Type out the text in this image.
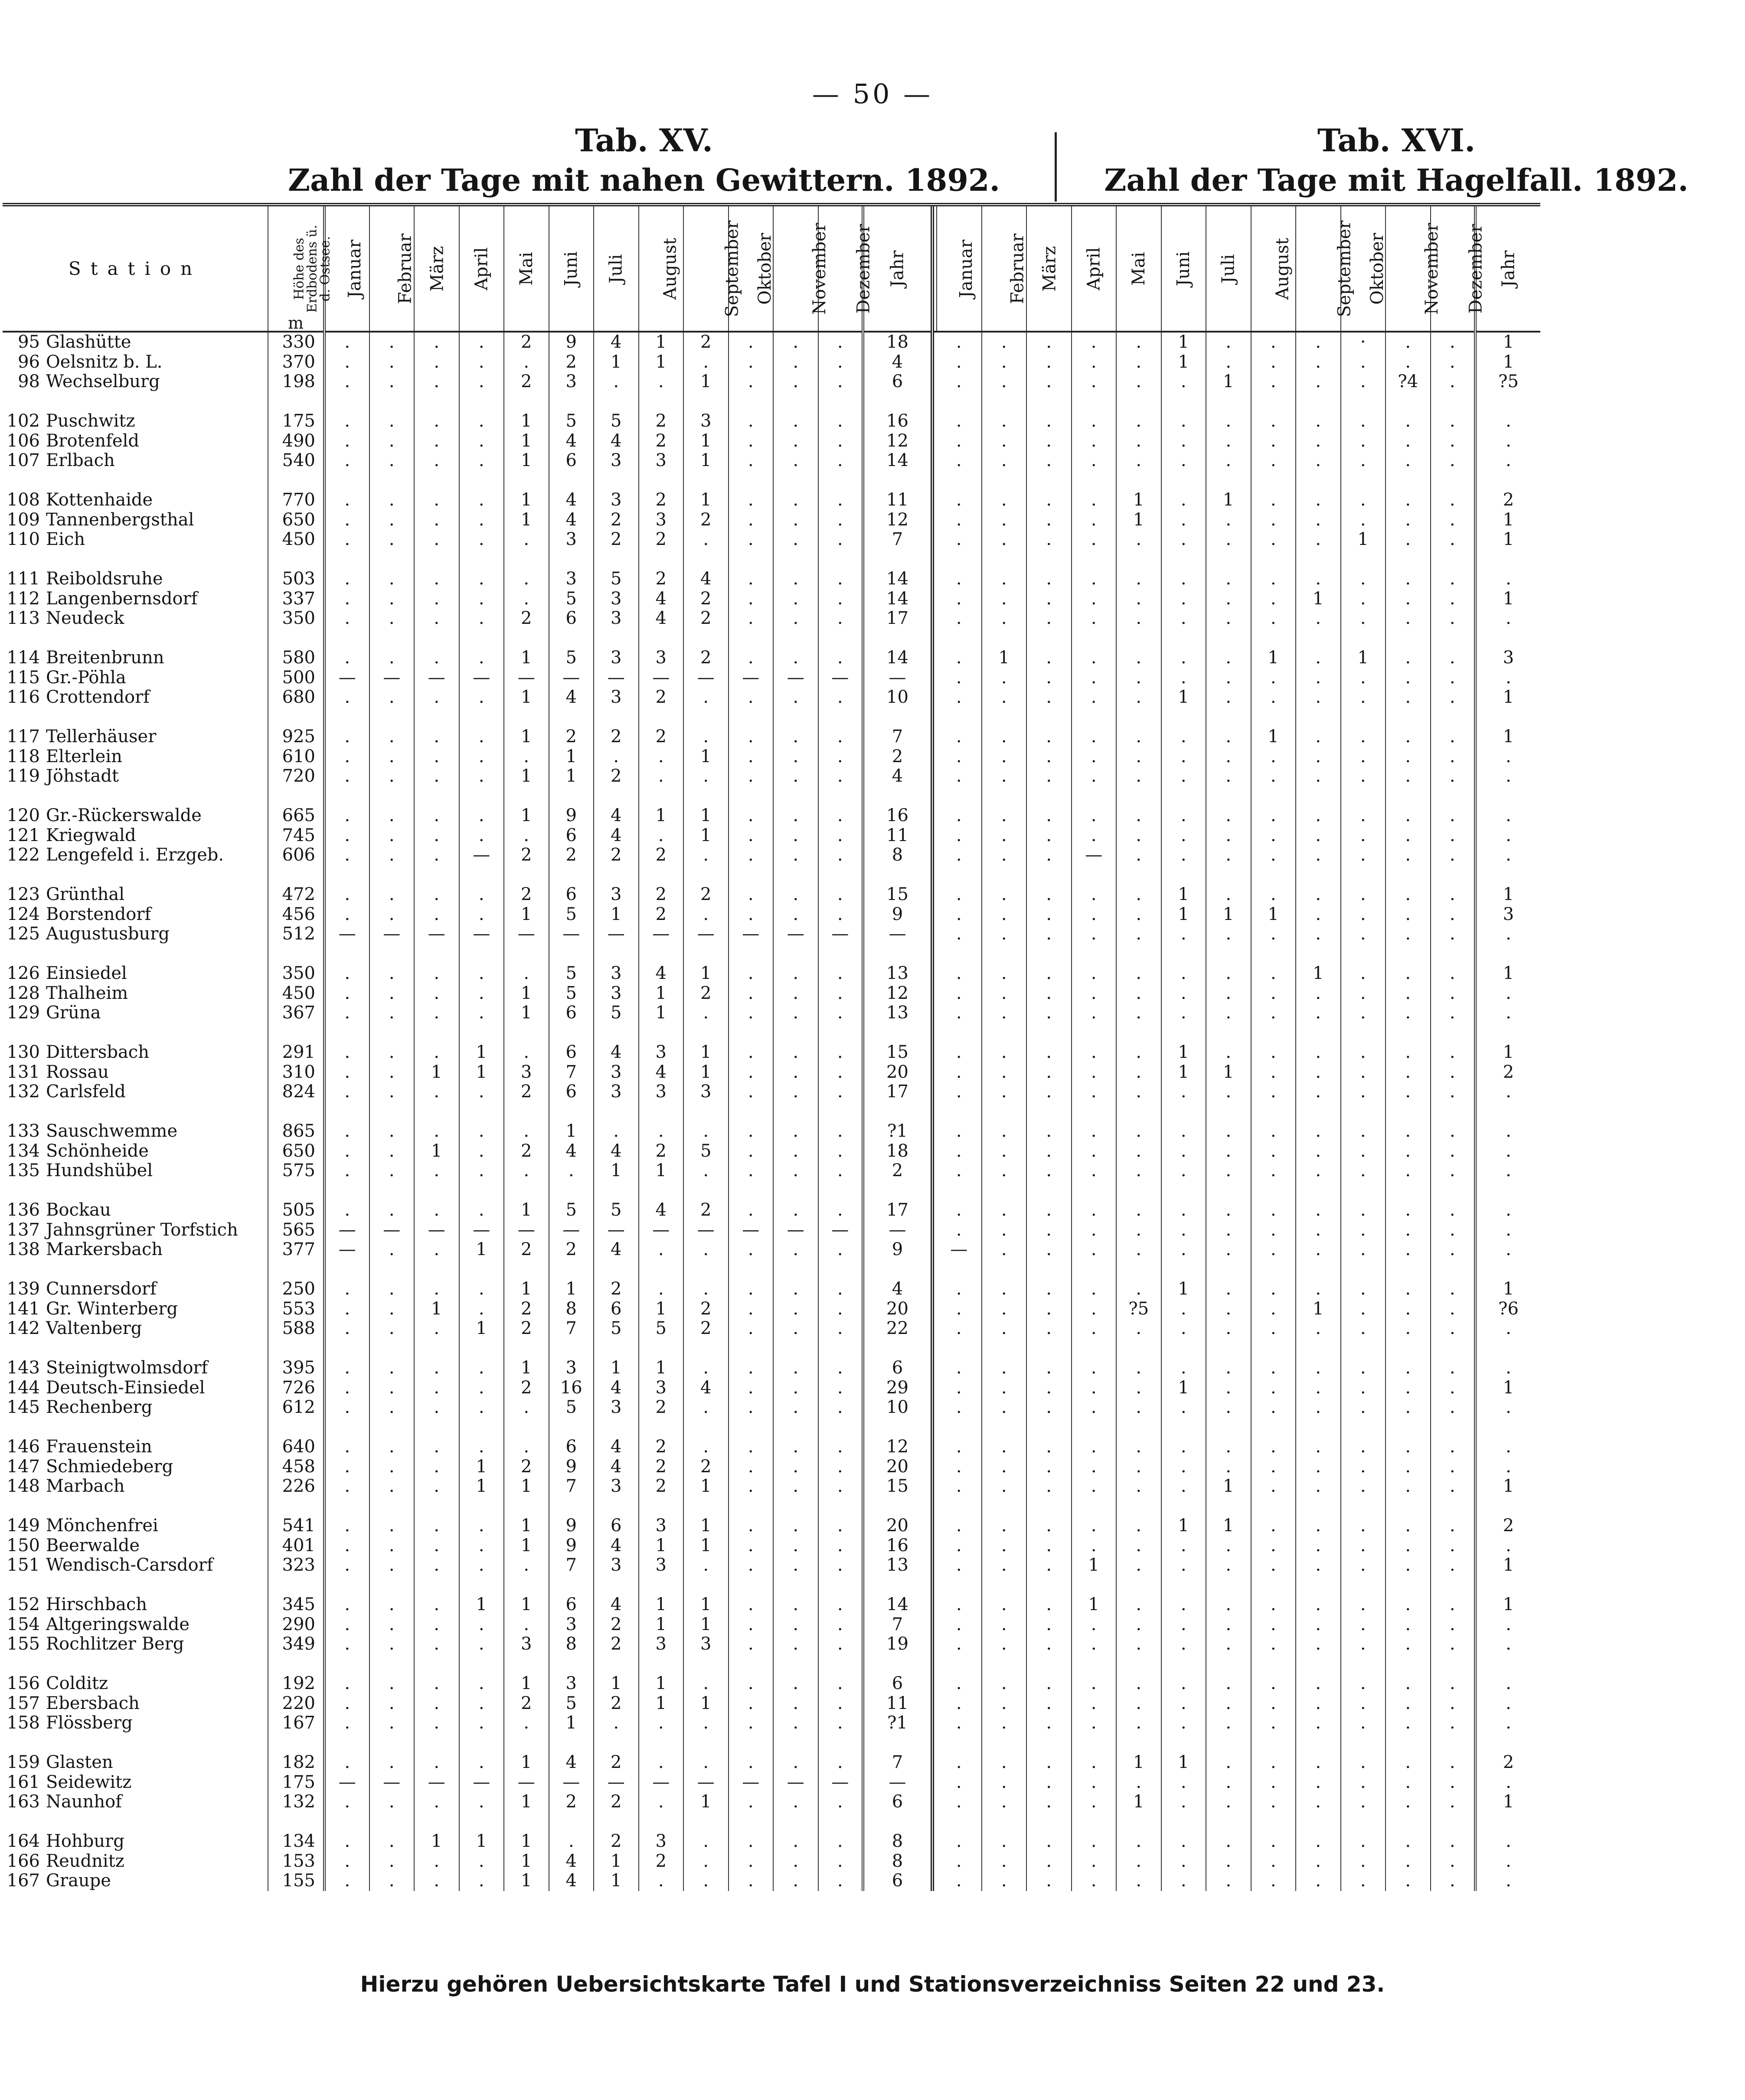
— 50 —
Tab. XV.
Zahl der Tage mit nahen Gewittern. 1892.
Tab. XVI.
Zahl der Tage mit Hagelfall. 1892.
Station	Höhe des
Erdbodens ü.
d. Ostsee.
m	Januar	Februar	März	April	Mai	Juni	Juli	August	September	Oktober	November	Dezember	Jahr		Januar	Februar	März	April	Mai	Juni	Juli	August	September	Oktober	November	Dezember	Jahr
95 Glashütte	330	.	.	.	.	2	9	4	1	2	.	.	.	18		.	.	.	.	.	1	.	.	.	·	.	.	1
96 Oelsnitz b. L.	370	.	.	.	.	.	2	1	1	.	.	.	.	4		.	.	.	.	.	1	.	.	.	.	.	.	1
98 Wechselburg	198	.	.	.	.	2	3	.	.	1	.	.	.	6		.	.	.	.	.	.	1	.	.	.	?4	.	?5

102 Puschwitz	175	.	.	.	.	1	5	5	2	3	.	.	.	16		.	.	.	.	.	.	.	.	.	.	.	.	.
106 Brotenfeld	490	.	.	.	.	1	4	4	2	1	.	.	.	12		.	.	.	.	.	.	.	.	.	.	.	.	.
107 Erlbach	540	.	.	.	.	1	6	3	3	1	.	.	.	14		.	.	.	.	.	.	.	.	.	.	.	.	.

108 Kottenhaide	770	.	.	.	.	1	4	3	2	1	.	.	.	11		.	.	.	.	1	.	1	.	.	.	.	.	2
109 Tannenbergsthal	650	.	.	.	.	1	4	2	3	2	.	.	.	12		.	.	.	.	1	.	.	.	.	.	.	.	1
110 Eich	450	.	.	.	.	.	3	2	2	.	.	.	.	7		.	.	.	.	.	.	.	.	.	1	.	.	1

111 Reiboldsruhe	503	.	.	.	.	.	3	5	2	4	.	.	.	14		.	.	.	.	.	.	.	.	.	.	.	.	.
112 Langenbernsdorf	337	.	.	.	.	.	5	3	4	2	.	.	.	14		.	.	.	.	.	.	.	.	1	.	.	.	1
113 Neudeck	350	.	.	.	.	2	6	3	4	2	.	.	.	17		.	.	.	.	.	.	.	.	.	.	.	.	.

114 Breitenbrunn	580	.	.	.	.	1	5	3	3	2	.	.	.	14		.	1	.	.	.	.	.	1	.	1	.	.	3
115 Gr.-Pöhla	500	—	—	—	—	—	—	—	—	—	—	—	—	—		.	.	.	.	.	.	.	.	.	.	.	.	.
116 Crottendorf	680	.	.	.	.	1	4	3	2	.	.	.	.	10		.	.	.	.	.	1	.	.	.	.	.	.	1

117 Tellerhäuser	925	.	.	.	.	1	2	2	2	.	.	.	.	7		.	.	.	.	.	.	.	1	.	.	.	.	1
118 Elterlein	610	.	.	.	.	.	1	.	.	1	.	.	.	2		.	.	.	.	.	.	.	.	.	.	.	.	.
119 Jöhstadt	720	.	.	.	.	1	1	2	.	.	.	.	.	4		.	.	.	.	.	.	.	.	.	.	.	.	.

120 Gr.-Rückerswalde	665	.	.	.	.	1	9	4	1	1	.	.	.	16		.	.	.	.	.	.	.	.	.	.	.	.	.
121 Kriegwald	745	.	.	.	.	.	6	4	.	1	.	.	.	11		.	.	.	.	.	.	.	.	.	.	.	.	.
122 Lengefeld i. Erzgeb.	606	.	.	.	—	2	2	2	2	.	.	.	.	8		.	.	.	—	.	.	.	.	.	.	.	.	.

123 Grünthal	472	.	.	.	.	2	6	3	2	2	.	.	.	15		.	.	.	.	.	1	.	.	.	.	.	.	1
124 Borstendorf	456	.	.	.	.	1	5	1	2	.	.	.	.	9		.	.	.	.	.	1	1	1	.	.	.	.	3
125 Augustusburg	512	—	—	—	—	—	—	—	—	—	—	—	—	—		.	.	.	.	.	.	.	.	.	.	.	.	.

126 Einsiedel	350	.	.	.	.	.	5	3	4	1	.	.	.	13		.	.	.	.	.	.	.	.	1	.	.	.	1
128 Thalheim	450	.	.	.	.	1	5	3	1	2	.	.	.	12		.	.	.	.	.	.	.	.	.	.	.	.	.
129 Grüna	367	.	.	.	.	1	6	5	1	.	.	.	.	13		.	.	.	.	.	.	.	.	.	.	.	.	.

130 Dittersbach	291	.	.	.	1	.	6	4	3	1	.	.	.	15		.	.	.	.	.	1	.	.	.	.	.	.	1
131 Rossau	310	.	.	1	1	3	7	3	4	1	.	.	.	20		.	.	.	.	.	1	1	.	.	.	.	.	2
132 Carlsfeld	824	.	.	.	.	2	6	3	3	3	.	.	.	17		.	.	.	.	.	.	.	.	.	.	.	.	.

133 Sauschwemme	865	.	.	.	.	.	1	.	.	.	.	.	.	?1		.	.	.	.	.	.	.	.	.	.	.	.	.
134 Schönheide	650	.	.	1	.	2	4	4	2	5	.	.	.	18		.	.	.	.	.	.	.	.	.	.	.	.	.
135 Hundshübel	575	.	.	.	.	.	.	1	1	.	.	.	.	2		.	.	.	.	.	.	.	.	.	.	.	.	.

136 Bockau	505	.	.	.	.	1	5	5	4	2	.	.	.	17		.	.	.	.	.	.	.	.	.	.	.	.	.
137 Jahnsgrüner Torfstich	565	—	—	—	—	—	—	—	—	—	—	—	—	—		.	.	.	.	.	.	.	.	.	.	.	.	.
138 Markersbach	377	—	.	.	1	2	2	4	.	.	.	.	.	9		—	.	.	.	.	.	.	.	.	.	.	.	.

139 Cunnersdorf	250	.	.	.	.	1	1	2	.	.	.	.	.	4		.	.	.	.	.	1	.	.	.	.	.	.	1
141 Gr. Winterberg	553	.	.	1	.	2	8	6	1	2	.	.	.	20		.	.	.	.	?5	.	.	.	1	.	.	.	?6
142 Valtenberg	588	.	.	.	1	2	7	5	5	2	.	.	.	22		.	.	.	.	.	.	.	.	.	.	.	.	.

143 Steinigtwolmsdorf	395	.	.	.	.	1	3	1	1	.	.	.	.	6		.	.	.	.	.	.	.	.	.	.	.	.	.
144 Deutsch-Einsiedel	726	.	.	.	.	2	16	4	3	4	.	.	.	29		.	.	.	.	.	1	.	.	.	.	.	.	1
145 Rechenberg	612	.	.	.	.	.	5	3	2	.	.	.	.	10		.	.	.	.	.	.	.	.	.	.	.	.	.

146 Frauenstein	640	.	.	.	.	.	6	4	2	.	.	.	.	12		.	.	.	.	.	.	.	.	.	.	.	.	.
147 Schmiedeberg	458	.	.	.	1	2	9	4	2	2	.	.	.	20		.	.	.	.	.	.	.	.	.	.	.	.	.
148 Marbach	226	.	.	.	1	1	7	3	2	1	.	.	.	15		.	.	.	.	.	.	1	.	.	.	.	.	1

149 Mönchenfrei	541	.	.	.	.	1	9	6	3	1	.	.	.	20		.	.	.	.	.	1	1	.	.	.	.	.	2
150 Beerwalde	401	.	.	.	.	1	9	4	1	1	.	.	.	16		.	.	.	.	.	.	.	.	.	.	.	.	.
151 Wendisch-Carsdorf	323	.	.	.	.	.	7	3	3	.	.	.	.	13		.	.	.	1	.	.	.	.	.	.	.	.	1

152 Hirschbach	345	.	.	.	1	1	6	4	1	1	.	.	.	14		.	.	.	1	.	.	.	.	.	.	.	.	1
154 Altgeringswalde	290	.	.	.	.	.	3	2	1	1	.	.	.	7		.	.	.	.	.	.	.	.	.	.	.	.	.
155 Rochlitzer Berg	349	.	.	.	.	3	8	2	3	3	.	.	.	19		.	.	.	.	.	.	.	.	.	.	.	.	.

156 Colditz	192	.	.	.	.	1	3	1	1	.	.	.	.	6		.	.	.	.	.	.	.	.	.	.	.	.	.
157 Ebersbach	220	.	.	.	.	2	5	2	1	1	.	.	.	11		.	.	.	.	.	.	.	.	.	.	.	.	.
158 Flössberg	167	.	.	.	.	.	1	.	.	.	.	.	.	?1		.	.	.	.	.	.	.	.	.	.	.	.	.

159 Glasten	182	.	.	.	.	1	4	2	.	.	.	.	.	7		.	.	.	.	1	1	.	.	.	.	.	.	2
161 Seidewitz	175	—	—	—	—	—	—	—	—	—	—	—	—	—		.	.	.	.	.	.	.	.	.	.	.	.	.
163 Naunhof	132	.	.	.	.	1	2	2	.	1	.	.	.	6		.	.	.	.	1	.	.	.	.	.	.	.	1

164 Hohburg	134	.	.	1	1	1	.	2	3	.	.	.	.	8		.	.	.	.	.	.	.	.	.	.	.	.	.
166 Reudnitz	153	.	.	.	.	1	4	1	2	.	.	.	.	8		.	.	.	.	.	.	.	.	.	.	.	.	.
167 Graupe	155	.	.	.	.	1	4	1	.	.	.	.	.	6		.	.	.	.	.	.	.	.	.	.	.	.	.
Hierzu gehören Uebersichtskarte Tafel I und Stationsverzeichniss Seiten 22 und 23.
